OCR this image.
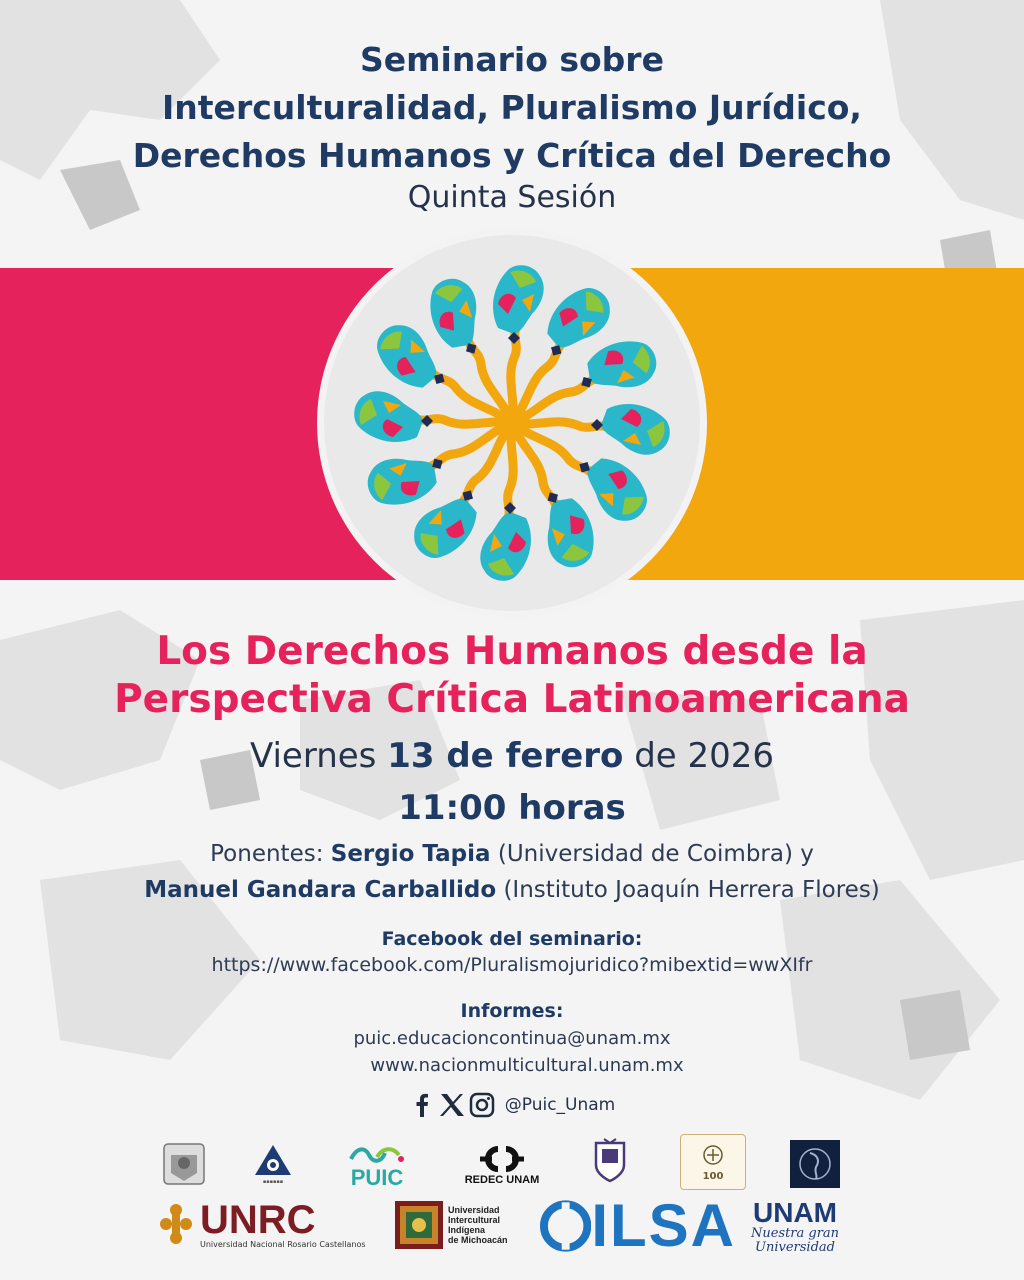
Seminario sobre
Interculturalidad, Pluralismo Jurídico,
Derechos Humanos y Crítica del Derecho
Quinta Sesión
Los Derechos Humanos desde la
Perspectiva Crítica Latinoamericana
Viernes 13 de ferero de 2026
11:00 horas
Ponentes: Sergio Tapia (Universidad de Coimbra) y
Manuel Gandara Carballido (Instituto Joaquín Herrera Flores)
Facebook del seminario:
https://www.facebook.com/Pluralismojuridico?mibextid=wwXIfr
Informes:
puic.educacioncontinua@unam.mx
www.nacionmulticultural.unam.mx
@Puic_Unam
▪▪▪▪▪▪	PUIC	REDEC UNAM	100
UNRC
Universidad Nacional Rosario Castellanos
Universidad
Intercultural
Indígena
de Michoacán ILSA UNAM
Nuestra gran
Universidad
